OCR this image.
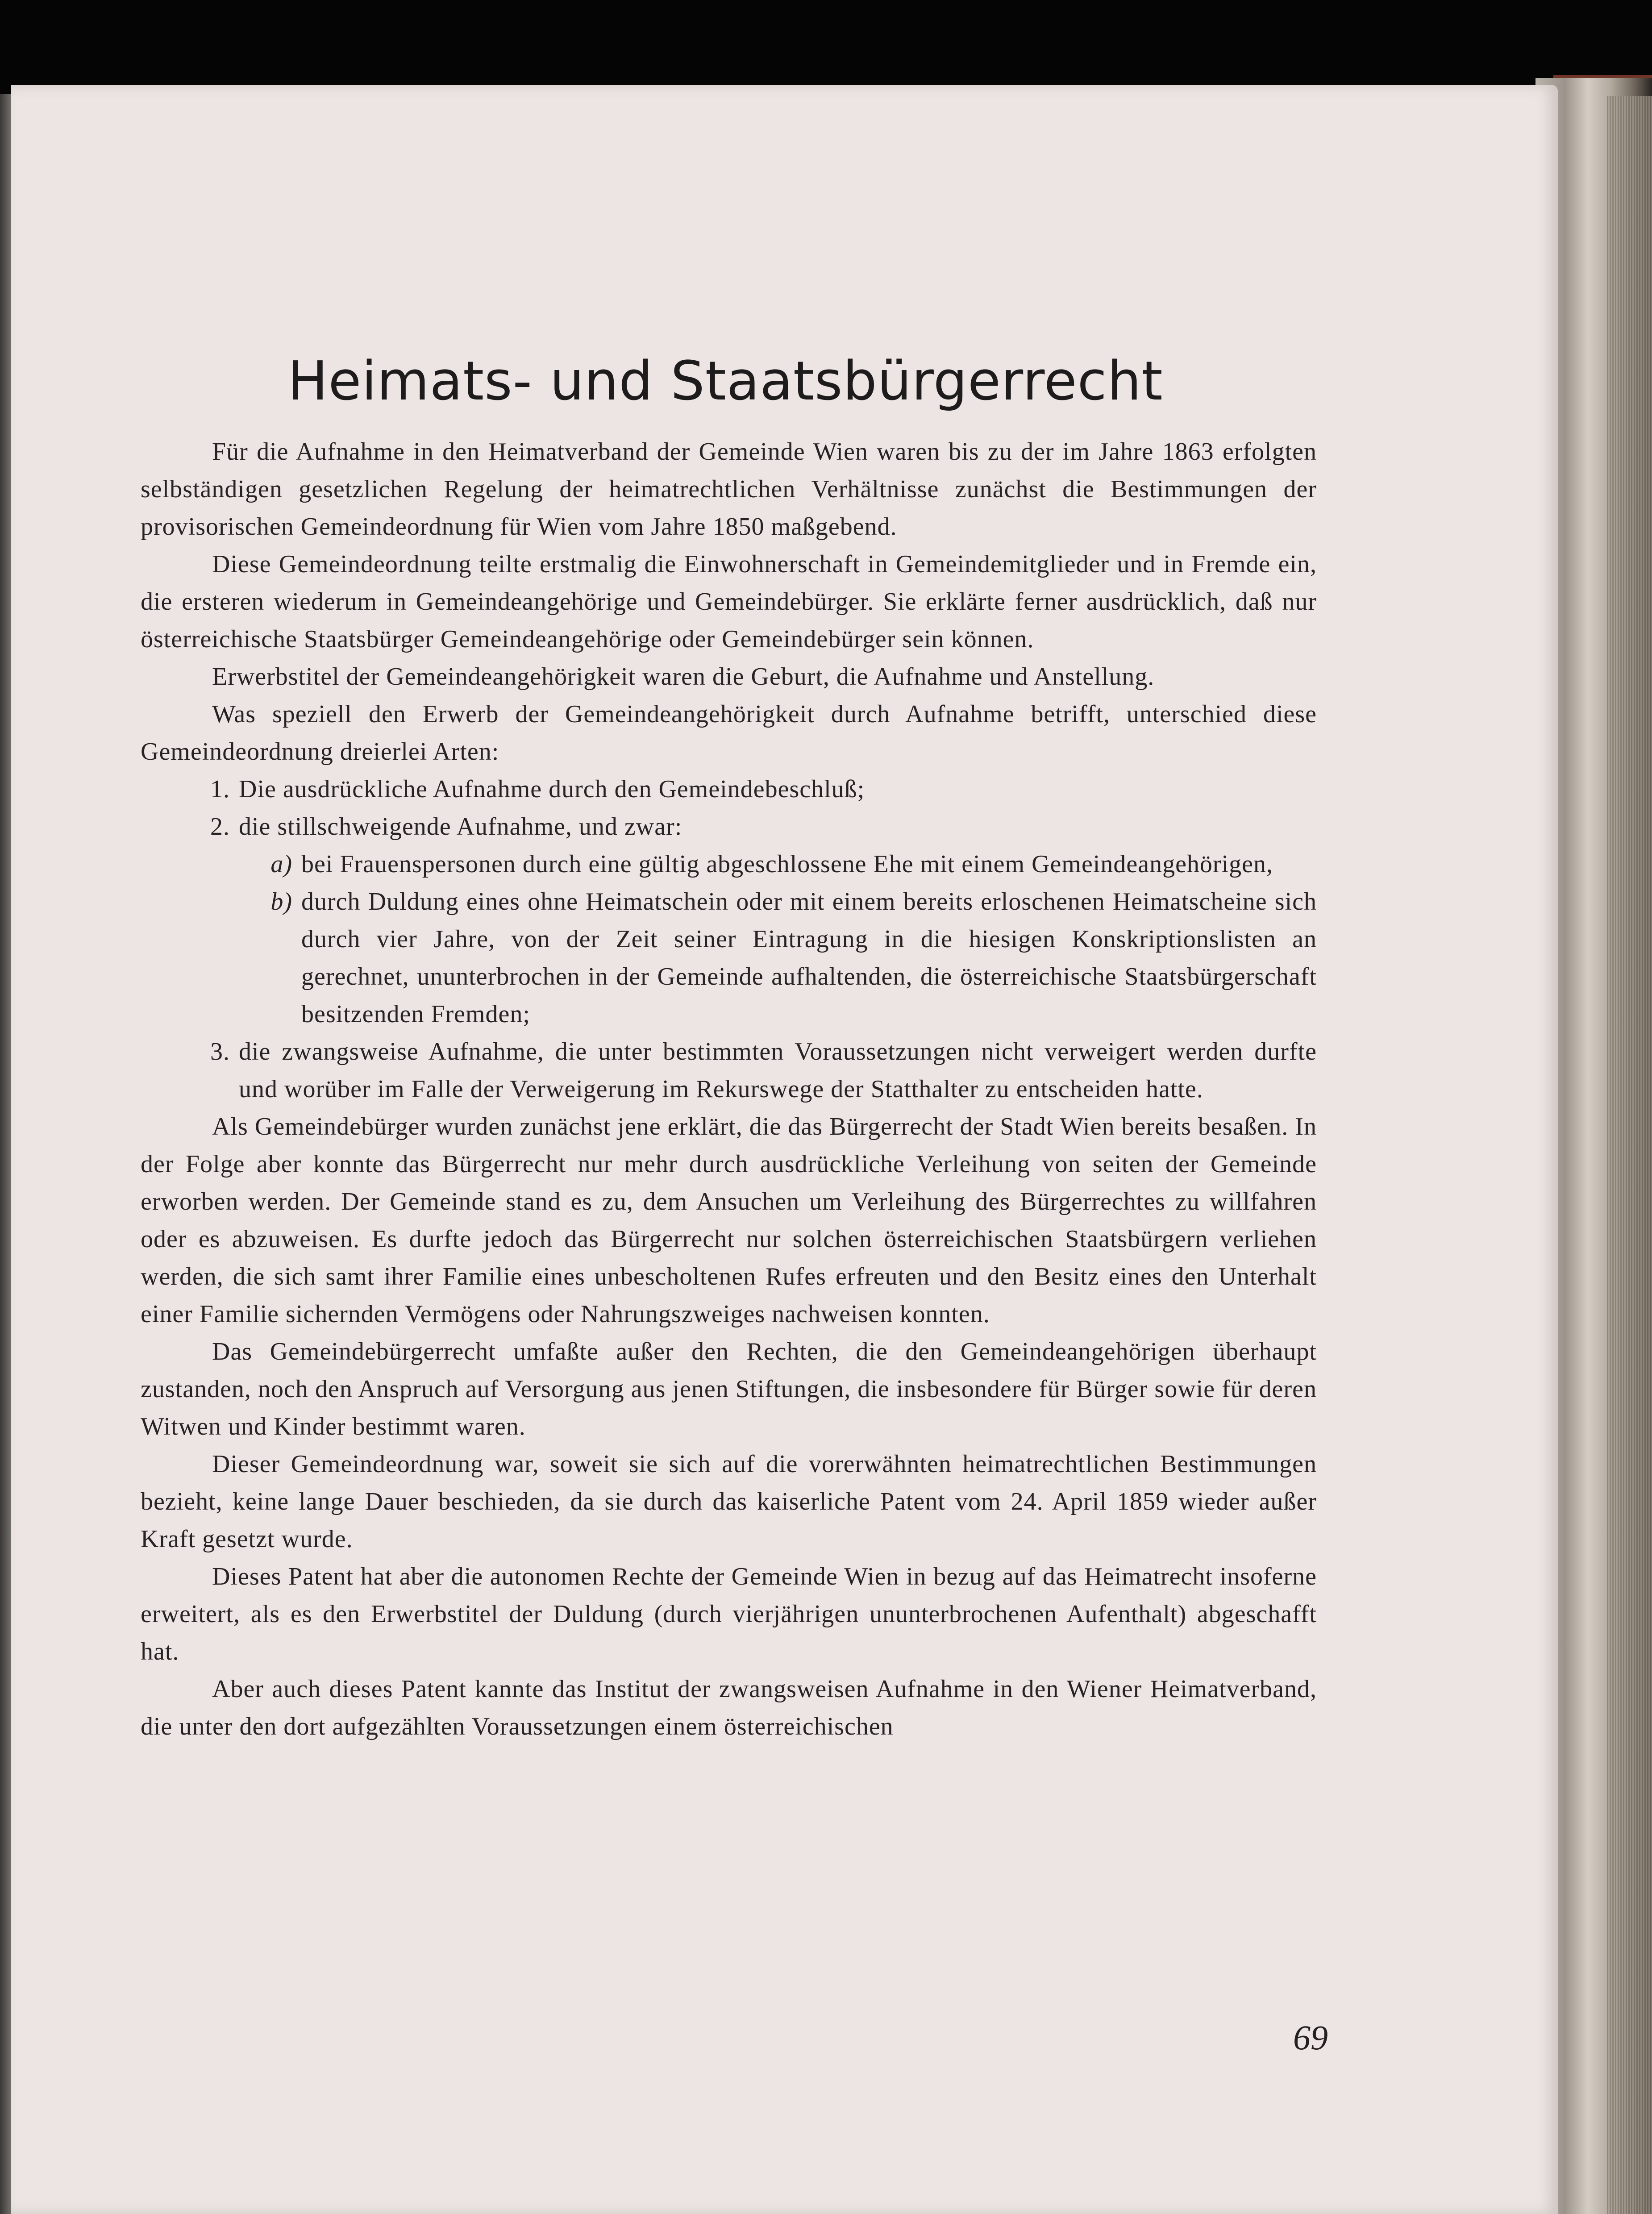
Heimats- und Staatsbürgerrecht

Für die Aufnahme in den Heimatverband der Gemeinde Wien waren bis zu der im Jahre 1863 erfolgten selbständigen gesetzlichen Regelung der heimatrechtlichen Verhältnisse zunächst die Bestimmungen der provisorischen Gemeindeordnung für Wien vom Jahre 1850 maßgebend.

Diese Gemeindeordnung teilte erstmalig die Einwohnerschaft in Gemeindemitglieder und in Fremde ein, die ersteren wiederum in Gemeindeangehörige und Gemeindebürger. Sie erklärte ferner ausdrücklich, daß nur österreichische Staatsbürger Gemeindeangehörige oder Gemeindebürger sein können.

Erwerbstitel der Gemeindeangehörigkeit waren die Geburt, die Aufnahme und Anstellung.

Was speziell den Erwerb der Gemeindeangehörigkeit durch Aufnahme betrifft, unterschied diese Gemeindeordnung dreierlei Arten:

1. Die ausdrückliche Aufnahme durch den Gemeindebeschluß;
2. die stillschweigende Aufnahme, und zwar:
a) bei Frauenspersonen durch eine gültig abgeschlossene Ehe mit einem Gemeindeangehörigen,
b) durch Duldung eines ohne Heimatschein oder mit einem bereits erloschenen Heimatscheine sich durch vier Jahre, von der Zeit seiner Eintragung in die hiesigen Konskriptionslisten an gerechnet, ununterbrochen in der Gemeinde aufhaltenden, die österreichische Staatsbürgerschaft besitzenden Fremden;
3. die zwangsweise Aufnahme, die unter bestimmten Voraussetzungen nicht verweigert werden durfte und worüber im Falle der Verweigerung im Rekurswege der Statthalter zu entscheiden hatte.

Als Gemeindebürger wurden zunächst jene erklärt, die das Bürgerrecht der Stadt Wien bereits besaßen. In der Folge aber konnte das Bürgerrecht nur mehr durch ausdrückliche Verleihung von seiten der Gemeinde erworben werden. Der Gemeinde stand es zu, dem Ansuchen um Verleihung des Bürgerrechtes zu willfahren oder es abzuweisen. Es durfte jedoch das Bürgerrecht nur solchen österreichischen Staatsbürgern verliehen werden, die sich samt ihrer Familie eines unbescholtenen Rufes erfreuten und den Besitz eines den Unterhalt einer Familie sichernden Vermögens oder Nahrungszweiges nachweisen konnten.

Das Gemeindebürgerrecht umfaßte außer den Rechten, die den Gemeindeangehörigen überhaupt zustanden, noch den Anspruch auf Versorgung aus jenen Stiftungen, die insbesondere für Bürger sowie für deren Witwen und Kinder bestimmt waren.

Dieser Gemeindeordnung war, soweit sie sich auf die vorerwähnten heimatrechtlichen Bestimmungen bezieht, keine lange Dauer beschieden, da sie durch das kaiserliche Patent vom 24. April 1859 wieder außer Kraft gesetzt wurde.

Dieses Patent hat aber die autonomen Rechte der Gemeinde Wien in bezug auf das Heimatrecht insoferne erweitert, als es den Erwerbstitel der Duldung (durch vierjährigen ununterbrochenen Aufenthalt) abgeschafft hat.

Aber auch dieses Patent kannte das Institut der zwangsweisen Aufnahme in den Wiener Heimatverband, die unter den dort aufgezählten Voraussetzungen einem österreichischen

69
